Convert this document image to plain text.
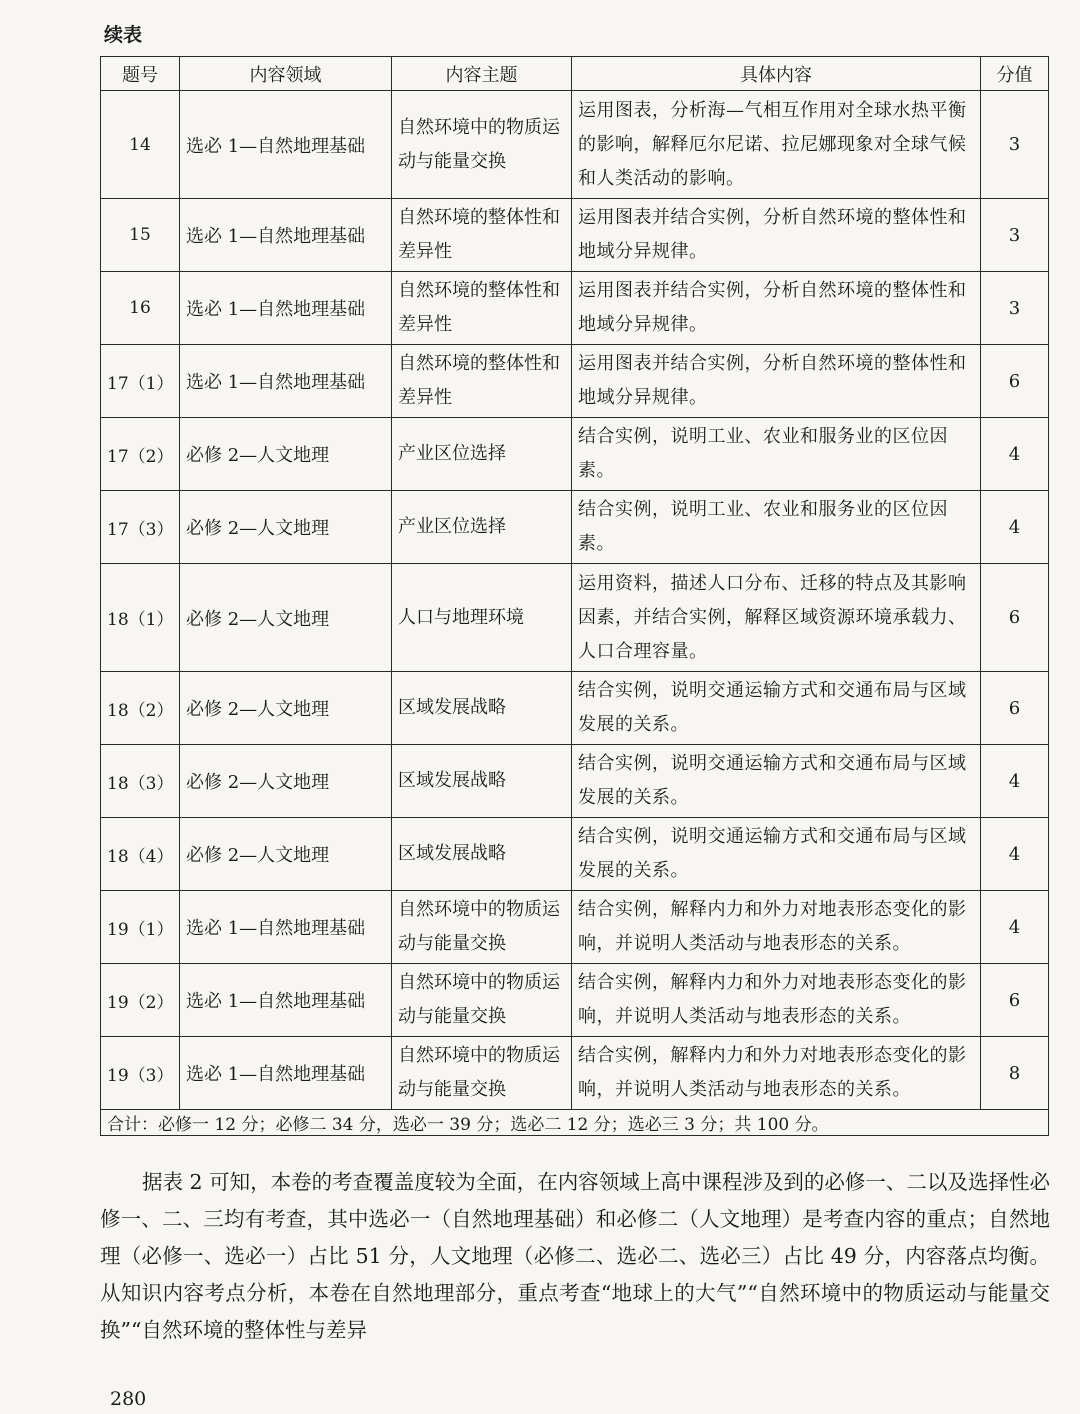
续表
题号	内容领域	内容主题	具体内容	分值
14	选必 1—自然地理基础	自然环境中的物质运动与能量交换	运用图表，分析海—气相互作用对全球水热平衡的影响，解释厄尔尼诺、拉尼娜现象对全球气候和人类活动的影响。	3
15	选必 1—自然地理基础	自然环境的整体性和差异性	运用图表并结合实例，分析自然环境的整体性和地域分异规律。	3
16	选必 1—自然地理基础	自然环境的整体性和差异性	运用图表并结合实例，分析自然环境的整体性和地域分异规律。	3
17（1）	选必 1—自然地理基础	自然环境的整体性和差异性	运用图表并结合实例，分析自然环境的整体性和地域分异规律。	6
17（2）	必修 2—人文地理	产业区位选择	结合实例，说明工业、农业和服务业的区位因素。	4
17（3）	必修 2—人文地理	产业区位选择	结合实例，说明工业、农业和服务业的区位因素。	4
18（1）	必修 2—人文地理	人口与地理环境	运用资料，描述人口分布、迁移的特点及其影响因素，并结合实例，解释区域资源环境承载力、人口合理容量。	6
18（2）	必修 2—人文地理	区域发展战略	结合实例，说明交通运输方式和交通布局与区域发展的关系。	6
18（3）	必修 2—人文地理	区域发展战略	结合实例，说明交通运输方式和交通布局与区域发展的关系。	4
18（4）	必修 2—人文地理	区域发展战略	结合实例，说明交通运输方式和交通布局与区域发展的关系。	4
19（1）	选必 1—自然地理基础	自然环境中的物质运动与能量交换	结合实例，解释内力和外力对地表形态变化的影响，并说明人类活动与地表形态的关系。	4
19（2）	选必 1—自然地理基础	自然环境中的物质运动与能量交换	结合实例，解释内力和外力对地表形态变化的影响，并说明人类活动与地表形态的关系。	6
19（3）	选必 1—自然地理基础	自然环境中的物质运动与能量交换	结合实例，解释内力和外力对地表形态变化的影响，并说明人类活动与地表形态的关系。	8
合计：必修一 12 分；必修二 34 分，选必一 39 分；选必二 12 分；选必三 3 分；共 100 分。				

据表 2 可知，本卷的考查覆盖度较为全面，在内容领域上高中课程涉及到的必修一、二以及选择性必修一、二、三均有考查，其中选必一（自然地理基础）和必修二（人文地理）是考查内容的重点；自然地理（必修一、选必一）占比 51 分，人文地理（必修二、选必二、选必三）占比 49 分，内容落点均衡。从知识内容考点分析，本卷在自然地理部分，重点考查“地球上的大气”“自然环境中的物质运动与能量交换”“自然环境的整体性与差异

280
